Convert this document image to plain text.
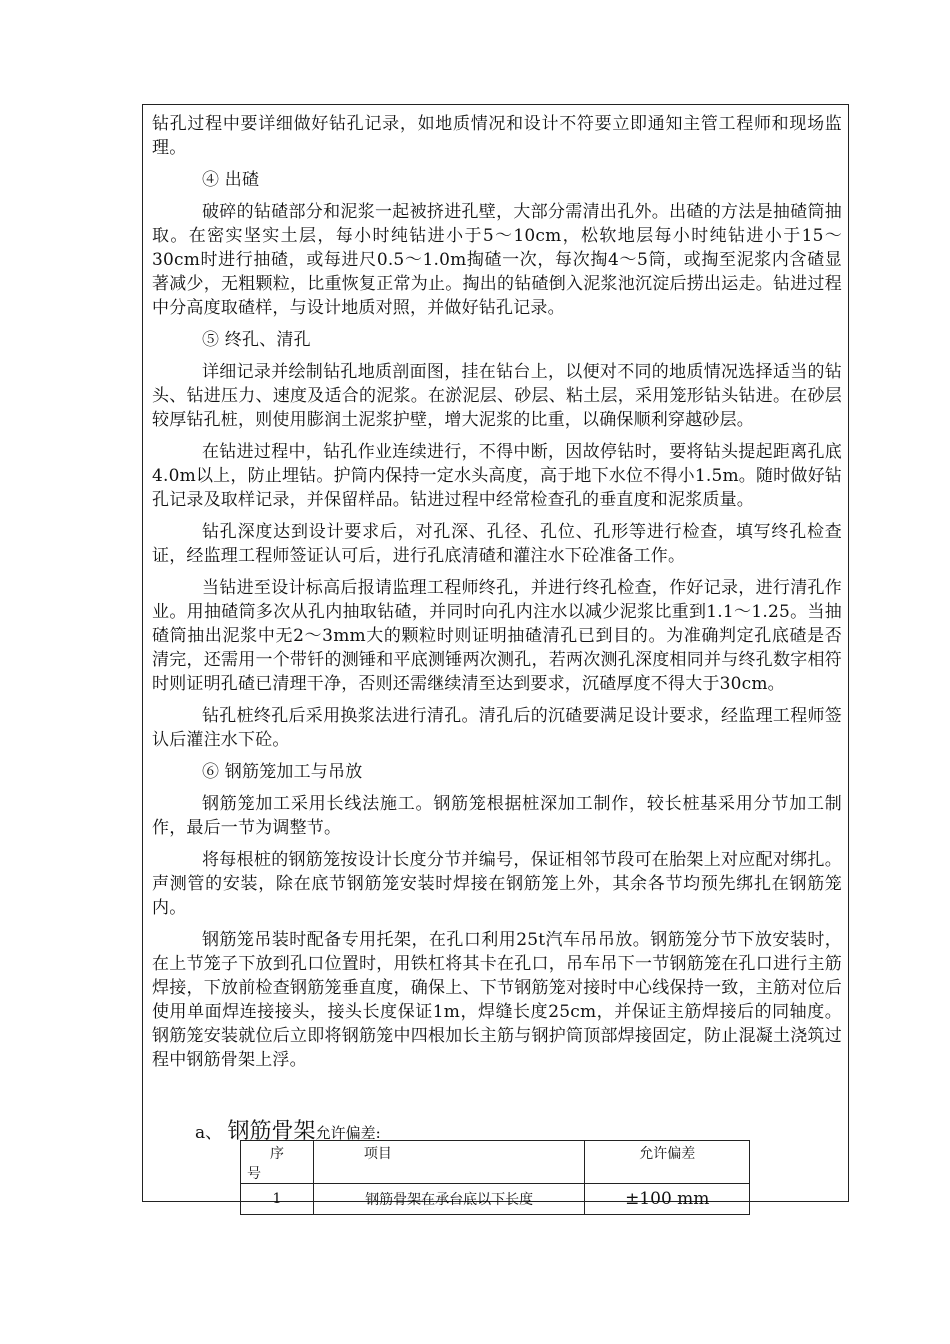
钻孔过程中要详细做好钻孔记录，如地质情况和设计不符要立即通知主管工程师和现场监理。

④ 出碴

破碎的钻碴部分和泥浆一起被挤进孔壁，大部分需清出孔外。出碴的方法是抽碴筒抽取。在密实坚实土层，每小时纯钻进小于5～10cm，松软地层每小时纯钻进小于15～30cm时进行抽碴，或每进尺0.5～1.0m掏碴一次，每次掏4～5筒，或掏至泥浆内含碴显著减少，无粗颗粒，比重恢复正常为止。掏出的钻碴倒入泥浆池沉淀后捞出运走。钻进过程中分高度取碴样，与设计地质对照，并做好钻孔记录。

⑤ 终孔、清孔

详细记录并绘制钻孔地质剖面图，挂在钻台上，以便对不同的地质情况选择适当的钻头、钻进压力、速度及适合的泥浆。在淤泥层、砂层、粘土层，采用笼形钻头钻进。在砂层较厚钻孔桩，则使用膨润土泥浆护壁，增大泥浆的比重，以确保顺利穿越砂层。

在钻进过程中，钻孔作业连续进行，不得中断，因故停钻时，要将钻头提起距离孔底4.0m以上，防止埋钻。护筒内保持一定水头高度，高于地下水位不得小1.5m。随时做好钻孔记录及取样记录，并保留样品。钻进过程中经常检查孔的垂直度和泥浆质量。

钻孔深度达到设计要求后，对孔深、孔径、孔位、孔形等进行检查，填写终孔检查证，经监理工程师签证认可后，进行孔底清碴和灌注水下砼准备工作。

当钻进至设计标高后报请监理工程师终孔，并进行终孔检查，作好记录，进行清孔作业。用抽碴筒多次从孔内抽取钻碴，并同时向孔内注水以减少泥浆比重到1.1～1.25。当抽碴筒抽出泥浆中无2～3mm大的颗粒时则证明抽碴清孔已到目的。为准确判定孔底碴是否清完，还需用一个带钎的测锤和平底测锤两次测孔，若两次测孔深度相同并与终孔数字相符时则证明孔碴已清理干净，否则还需继续清至达到要求，沉碴厚度不得大于30cm。

钻孔桩终孔后采用换浆法进行清孔。清孔后的沉碴要满足设计要求，经监理工程师签认后灌注水下砼。

⑥ 钢筋笼加工与吊放

钢筋笼加工采用长线法施工。钢筋笼根据桩深加工制作，较长桩基采用分节加工制作，最后一节为调整节。

将每根桩的钢筋笼按设计长度分节并编号，保证相邻节段可在胎架上对应配对绑扎。声测管的安装，除在底节钢筋笼安装时焊接在钢筋笼上外，其余各节均预先绑扎在钢筋笼内。

钢筋笼吊装时配备专用托架，在孔口利用25t汽车吊吊放。钢筋笼分节下放安装时，在上节笼子下放到孔口位置时，用铁杠将其卡在孔口，吊车吊下一节钢筋笼在孔口进行主筋焊接，下放前检查钢筋笼垂直度，确保上、下节钢筋笼对接时中心线保持一致，主筋对位后使用单面焊连接接头，接头长度保证1m，焊缝长度25cm，并保证主筋焊接后的同轴度。钢筋笼安装就位后立即将钢筋笼中四根加长主筋与钢护筒顶部焊接固定，防止混凝土浇筑过程中钢筋骨架上浮。

a、 钢筋骨架允许偏差:
序
号	项目	允许偏差
1	钢筋骨架在承台底以下长度	±100 mm
